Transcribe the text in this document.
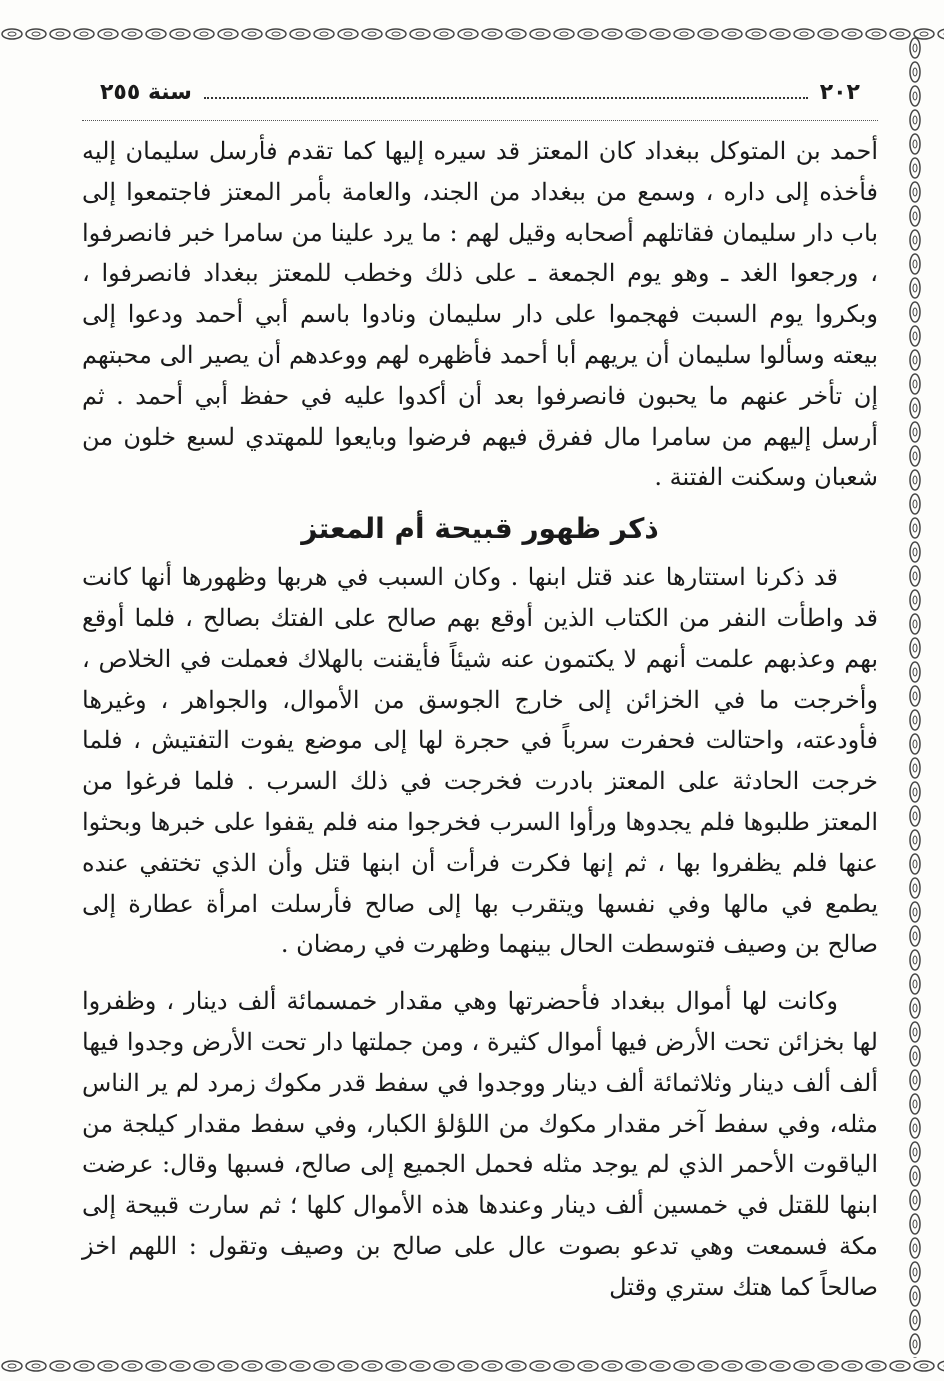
٢٠٢
سنة ٢٥٥

أحمد بن المتوكل ببغداد كان المعتز قد سيره إليها كما تقدم فأرسل سليمان إليه فأخذه إلى داره ، وسمع من ببغداد من الجند، والعامة بأمر المعتز فاجتمعوا إلى باب دار سليمان فقاتلهم أصحابه وقيل لهم : ما يرد علينا من سامرا خبر فانصرفوا ، ورجعوا الغد ـ وهو يوم الجمعة ـ على ذلك وخطب للمعتز ببغداد فانصرفوا ، وبكروا يوم السبت فهجموا على دار سليمان ونادوا باسم أبي أحمد ودعوا إلى بيعته وسألوا سليمان أن يريهم أبا أحمد فأظهره لهم ووعدهم أن يصير الى محبتهم إن تأخر عنهم ما يحبون فانصرفوا بعد أن أكدوا عليه في حفظ أبي أحمد . ثم أرسل إليهم من سامرا مال ففرق فيهم فرضوا وبايعوا للمهتدي لسبع خلون من شعبان وسكنت الفتنة .

ذكر ظهور قبيحة أم المعتز

قد ذكرنا استتارها عند قتل ابنها . وكان السبب في هربها وظهورها أنها كانت قد واطأت النفر من الكتاب الذين أوقع بهم صالح على الفتك بصالح ، فلما أوقع بهم وعذبهم علمت أنهم لا يكتمون عنه شيئاً فأيقنت بالهلاك فعملت في الخلاص ، وأخرجت ما في الخزائن إلى خارج الجوسق من الأموال، والجواهر ، وغيرها فأودعته، واحتالت فحفرت سرباً في حجرة لها إلى موضع يفوت التفتيش ، فلما خرجت الحادثة على المعتز بادرت فخرجت في ذلك السرب . فلما فرغوا من المعتز طلبوها فلم يجدوها ورأوا السرب فخرجوا منه فلم يقفوا على خبرها وبحثوا عنها فلم يظفروا بها ، ثم إنها فكرت فرأت أن ابنها قتل وأن الذي تختفي عنده يطمع في مالها وفي نفسها ويتقرب بها إلى صالح فأرسلت امرأة عطارة إلى صالح بن وصيف فتوسطت الحال بينهما وظهرت في رمضان .

وكانت لها أموال ببغداد فأحضرتها وهي مقدار خمسمائة ألف دينار ، وظفروا لها بخزائن تحت الأرض فيها أموال كثيرة ، ومن جملتها دار تحت الأرض وجدوا فيها ألف ألف دينار وثلاثمائة ألف دينار ووجدوا في سفط قدر مكوك زمرد لم ير الناس مثله، وفي سفط آخر مقدار مكوك من اللؤلؤ الكبار، وفي سفط مقدار كيلجة من الياقوت الأحمر الذي لم يوجد مثله فحمل الجميع إلى صالح، فسبها وقال: عرضت ابنها للقتل في خمسين ألف دينار وعندها هذه الأموال كلها ؛ ثم سارت قبيحة إلى مكة فسمعت وهي تدعو بصوت عال على صالح بن وصيف وتقول : اللهم اخز صالحاً كما هتك ستري وقتل
